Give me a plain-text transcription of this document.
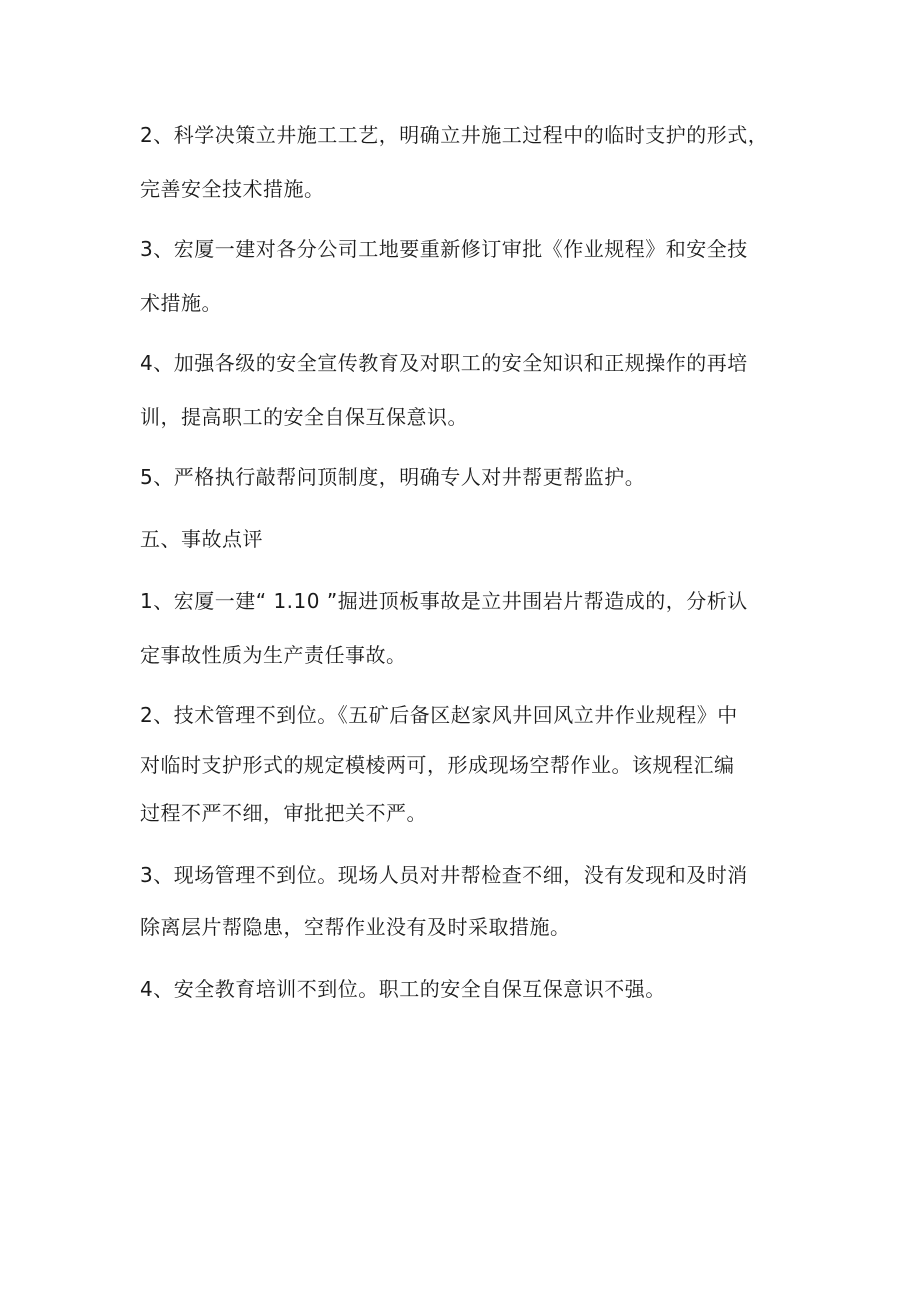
2、科学决策立井施工工艺，明确立井施工过程中的临时支护的形式，
完善安全技术措施。
3、宏厦一建对各分公司工地要重新修订审批《作业规程》和安全技
术措施。
4、加强各级的安全宣传教育及对职工的安全知识和正规操作的再培
训，提高职工的安全自保互保意识。
5、严格执行敲帮问顶制度，明确专人对井帮更帮监护。
五、事故点评
1、宏厦一建“ 1.10 ”掘进顶板事故是立井围岩片帮造成的，分析认
定事故性质为生产责任事故。
2、技术管理不到位。《五矿后备区赵家风井回风立井作业规程》中
对临时支护形式的规定模棱两可，形成现场空帮作业。该规程汇编
过程不严不细，审批把关不严。
3、现场管理不到位。现场人员对井帮检查不细，没有发现和及时消
除离层片帮隐患，空帮作业没有及时采取措施。
4、安全教育培训不到位。职工的安全自保互保意识不强。
